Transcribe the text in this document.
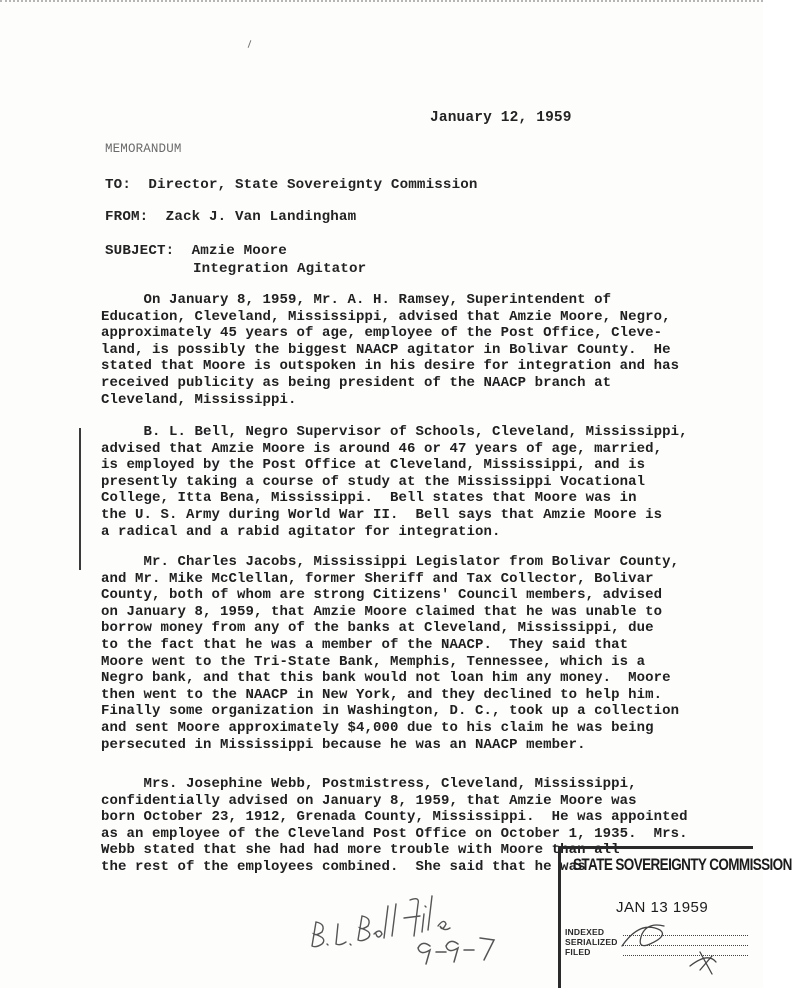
January 12, 1959
MEMORANDUM
TO: Director, State Sovereignty Commission
FROM: Zack J. Van Landingham
SUBJECT: Amzie Moore
Integration Agitator
On January 8, 1959, Mr. A. H. Ramsey, Superintendent of
Education, Cleveland, Mississippi, advised that Amzie Moore, Negro,
approximately 45 years of age, employee of the Post Office, Cleve-
land, is possibly the biggest NAACP agitator in Bolivar County.  He
stated that Moore is outspoken in his desire for integration and has
received publicity as being president of the NAACP branch at
Cleveland, Mississippi.
B. L. Bell, Negro Supervisor of Schools, Cleveland, Mississippi,
advised that Amzie Moore is around 46 or 47 years of age, married,
is employed by the Post Office at Cleveland, Mississippi, and is
presently taking a course of study at the Mississippi Vocational
College, Itta Bena, Mississippi.  Bell states that Moore was in
the U. S. Army during World War II.  Bell says that Amzie Moore is
a radical and a rabid agitator for integration.
Mr. Charles Jacobs, Mississippi Legislator from Bolivar County,
and Mr. Mike McClellan, former Sheriff and Tax Collector, Bolivar
County, both of whom are strong Citizens' Council members, advised
on January 8, 1959, that Amzie Moore claimed that he was unable to
borrow money from any of the banks at Cleveland, Mississippi, due
to the fact that he was a member of the NAACP.  They said that
Moore went to the Tri-State Bank, Memphis, Tennessee, which is a
Negro bank, and that this bank would not loan him any money.  Moore
then went to the NAACP in New York, and they declined to help him.
Finally some organization in Washington, D. C., took up a collection
and sent Moore approximately $4,000 due to his claim he was being
persecuted in Mississippi because he was an NAACP member.
Mrs. Josephine Webb, Postmistress, Cleveland, Mississippi,
confidentially advised on January 8, 1959, that Amzie Moore was
born October 23, 1912, Grenada County, Mississippi.  He was appointed
as an employee of the Cleveland Post Office on October 1, 1935.  Mrs.
Webb stated that she had had more trouble with Moore than all
the rest of the employees combined.  She said that he was
STATE SOVEREIGNTY COMMISSION
JAN 13 1959
INDEXED
SERIALIZED
FILED
